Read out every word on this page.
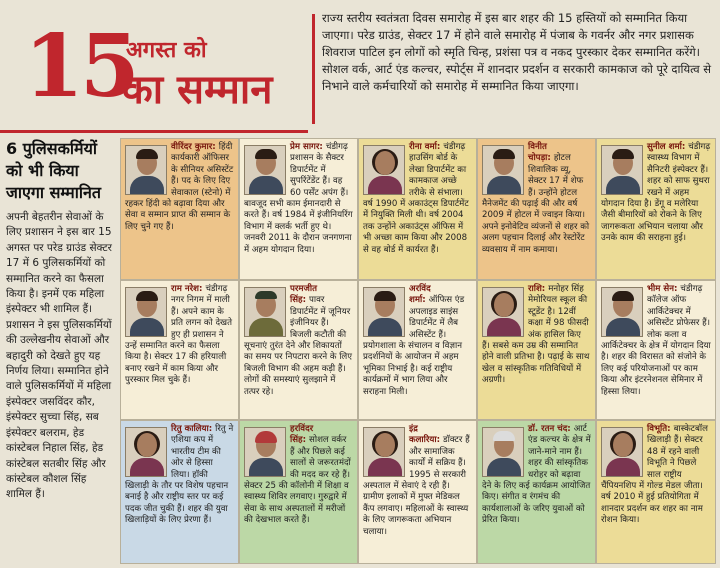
15
अगस्त को
का सम्मान
राज्य स्तरीय स्वतंत्रता दिवस समारोह में इस बार शहर की 15 हस्तियों को सम्मानित किया जाएगा। परेड ग्राउंड, सेक्टर 17 में होने वाले समारोह में पंजाब के गवर्नर और नगर प्रशासक शिवराज पाटिल इन लोगों को स्मृति चिन्ह, प्रशंसा पत्र व नकद पुरस्कार देकर सम्मानित करेंगे। सोशल वर्क, आर्ट एंड कल्चर, स्पोर्ट्स में शानदार प्रदर्शन व सरकारी कामकाज को पूरे दायित्व से निभाने वाले कर्मचारियों को समारोह में सम्मानित किया जाएगा।
6 पुलिसकर्मियों को भी किया जाएगा सम्मानित
अपनी बेहतरीन सेवाओं के लिए प्रशासन ने इस बार 15 अगस्त पर परेड ग्राउंड सेक्टर 17 में 6 पुलिसकर्मियों को सम्मानित करने का फैसला किया है। इनमें एक महिला इंस्पेक्टर भी शामिल हैं। प्रशासन ने इस पुलिसकर्मियों की उल्लेखनीय सेवाओं और बहादुरी को देखते हुए यह निर्णय लिया। सम्मानित होने वाले पुलिसकर्मियों में महिला इंस्पेक्टर जसविंदर कौर, इंस्पेक्टर सुच्चा सिंह, सब इंस्पेक्टर बलराम, हेड कांस्टेबल निहाल सिंह, हेड कांस्टेबल सतबीर सिंह और कांस्टेबल कौशल सिंह शामिल हैं।
वीरिंदर कुमार: हिंदी कार्यकारी ऑफिसर के सीनियर असिस्टेंट हैं। पद के लिए दिए सेवाकाल (स्टेनो) में रहकर हिंदी को बढ़ावा दिया और सेवा व सम्मान प्राप्त की सम्मान के लिए चुने गए हैं।
प्रेम सागर: चंडीगढ़ प्रशासन के सैक्टर डिपार्टमेंट में सुपरिंटेंडेंट हैं। वह 60 पर्सेंट अपंग हैं। बावजूद सभी काम ईमानदारी से करते हैं। वर्ष 1984 में इंजीनियरिंग विभाग में क्लर्क भर्ती हुए थे। जनवरी 2011 के दौरान जनगणना में अहम योगदान दिया।
रीना वर्मा: चंडीगढ़ हाउसिंग बोर्ड के लेखा डिपार्टमेंट का कामकाज अच्छे तरीके से संभाला। वर्ष 1990 में अकाउंट्स डिपार्टमेंट में नियुक्ति मिली थी। वर्ष 2004 तक उन्होंने अकाउंट्स ऑफिस में भी अच्छा काम किया और 2008 से वह बोर्ड में कार्यरत हैं।
विनीत चोपड़ा: होटल शिवालिक व्यू, सेक्टर 17 में शेफ हैं। उन्होंने होटल मैनेजमेंट की पढ़ाई की और वर्ष 2009 में होटल में ज्वाइन किया। अपने इनोवेटिव व्यंजनों से शहर को अलग पहचान दिलाई और रेस्टोरेंट व्यवसाय में नाम कमाया।
सुनील शर्मा: चंडीगढ़ स्वास्थ्य विभाग में सैनिटरी इंस्पेक्टर हैं। शहर को साफ सुथरा रखने में अहम योगदान दिया है। डेंगू व मलेरिया जैसी बीमारियों को रोकने के लिए जागरूकता अभियान चलाया और उनके काम की सराहना हुई।
राम नरेश: चंडीगढ़ नगर निगम में माली हैं। अपने काम के प्रति लगन को देखते हुए ही प्रशासन ने उन्हें सम्मानित करने का फैसला किया है। सेक्टर 17 की हरियाली बनाए रखने में काम किया और पुरस्कार मिल चुके हैं।
परमजीत सिंह: पावर डिपार्टमेंट में जूनियर इंजीनियर हैं। बिजली कटौती की सूचनाएं तुरंत देने और शिकायतों का समय पर निपटारा करने के लिए बिजली विभाग की अहम कड़ी हैं। लोगों की समस्याएं सुलझाने में तत्पर रहे।
अरविंद शर्मा: ऑफिस एंड अपलाइड साइंस डिपार्टमेंट में लैब असिस्टेंट हैं। प्रयोगशाला के संचालन व विज्ञान प्रदर्शनियों के आयोजन में अहम भूमिका निभाई है। कई राष्ट्रीय कार्यक्रमों में भाग लिया और सराहना मिली।
राशि: मनोहर सिंह मेमोरियल स्कूल की स्टूडेंट है। 12वीं कक्षा में 98 फीसदी अंक हासिल किए हैं। सबसे कम उम्र की सम्मानित होने वाली प्रतिभा है। पढ़ाई के साथ खेल व सांस्कृतिक गतिविधियों में अग्रणी।
भीम सेन: चंडीगढ़ कॉलेज ऑफ आर्किटेक्चर में असिस्टेंट प्रोफेसर हैं। लोक कला व आर्किटेक्चर के क्षेत्र में योगदान दिया है। शहर की विरासत को संजोने के लिए कई परियोजनाओं पर काम किया और इंटरनेशनल सेमिनार में हिस्सा लिया।
रितु कालिया: रितु ने एशिया कप में भारतीय टीम की ओर से हिस्सा लिया। हॉकी खिलाड़ी के तौर पर विशेष पहचान बनाई है और राष्ट्रीय स्तर पर कई पदक जीत चुकी हैं। शहर की युवा खिलाड़ियों के लिए प्रेरणा हैं।
हरविंदर सिंह: सोशल वर्कर हैं और पिछले कई सालों से जरूरतमंदों की मदद कर रहे हैं। सेक्टर 25 की कॉलोनी में शिक्षा व स्वास्थ्य शिविर लगवाए। गुरुद्वारे में सेवा के साथ अस्पतालों में मरीजों की देखभाल करते हैं।
इंद्र कलारिया: डॉक्टर हैं और सामाजिक कार्यों में सक्रिय हैं। 1995 से सरकारी अस्पताल में सेवाएं दे रही हैं। ग्रामीण इलाकों में मुफ्त मेडिकल कैंप लगवाए। महिलाओं के स्वास्थ्य के लिए जागरूकता अभियान चलाया।
डॉ. रतन चंद: आर्ट एंड कल्चर के क्षेत्र में जाने-माने नाम हैं। शहर की सांस्कृतिक धरोहर को बढ़ावा देने के लिए कई कार्यक्रम आयोजित किए। संगीत व रंगमंच की कार्यशालाओं के जरिए युवाओं को प्रेरित किया।
विभूति: बास्केटबॉल खिलाड़ी हैं। सेक्टर 48 में रहने वाली विभूति ने पिछले साल राष्ट्रीय चैंपियनशिप में गोल्ड मेडल जीता। वर्ष 2010 में हुई प्रतियोगिता में शानदार प्रदर्शन कर शहर का नाम रोशन किया।
